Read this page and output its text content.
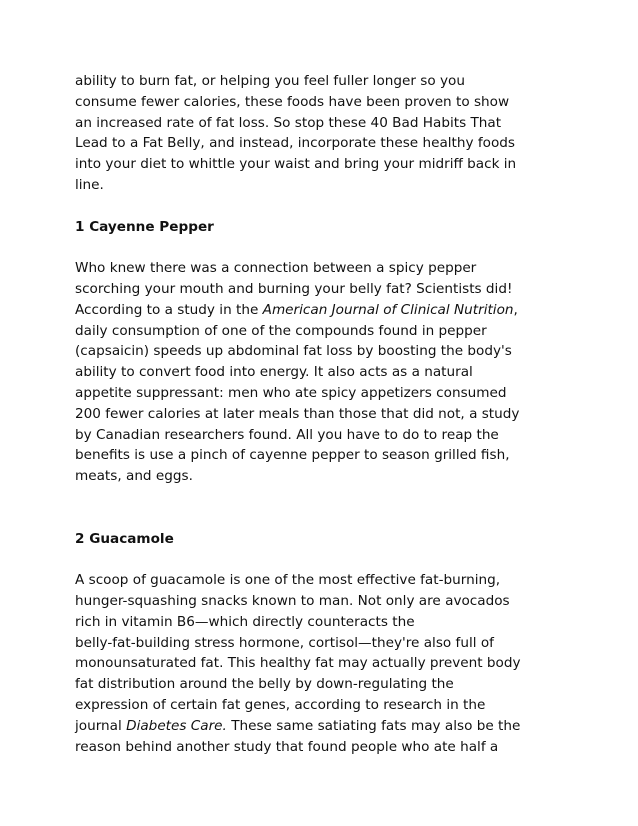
ability to burn fat, or helping you feel fuller longer so you
consume fewer calories, these foods have been proven to show
an increased rate of fat loss. So stop these 40 Bad Habits That
Lead to a Fat Belly, and instead, incorporate these healthy foods
into your diet to whittle your waist and bring your midriff back in
line.
1 Cayenne Pepper
Who knew there was a connection between a spicy pepper
scorching your mouth and burning your belly fat? Scientists did!
According to a study in the American Journal of Clinical Nutrition,
daily consumption of one of the compounds found in pepper
(capsaicin) speeds up abdominal fat loss by boosting the body's
ability to convert food into energy. It also acts as a natural
appetite suppressant: men who ate spicy appetizers consumed
200 fewer calories at later meals than those that did not, a study
by Canadian researchers found. All you have to do to reap the
benefits is use a pinch of cayenne pepper to season grilled fish,
meats, and eggs.
2 Guacamole
A scoop of guacamole is one of the most effective fat-burning,
hunger-squashing snacks known to man. Not only are avocados
rich in vitamin B6—which directly counteracts the
belly-fat-building stress hormone, cortisol—they're also full of
monounsaturated fat. This healthy fat may actually prevent body
fat distribution around the belly by down-regulating the
expression of certain fat genes, according to research in the
journal Diabetes Care. These same satiating fats may also be the
reason behind another study that found people who ate half a
